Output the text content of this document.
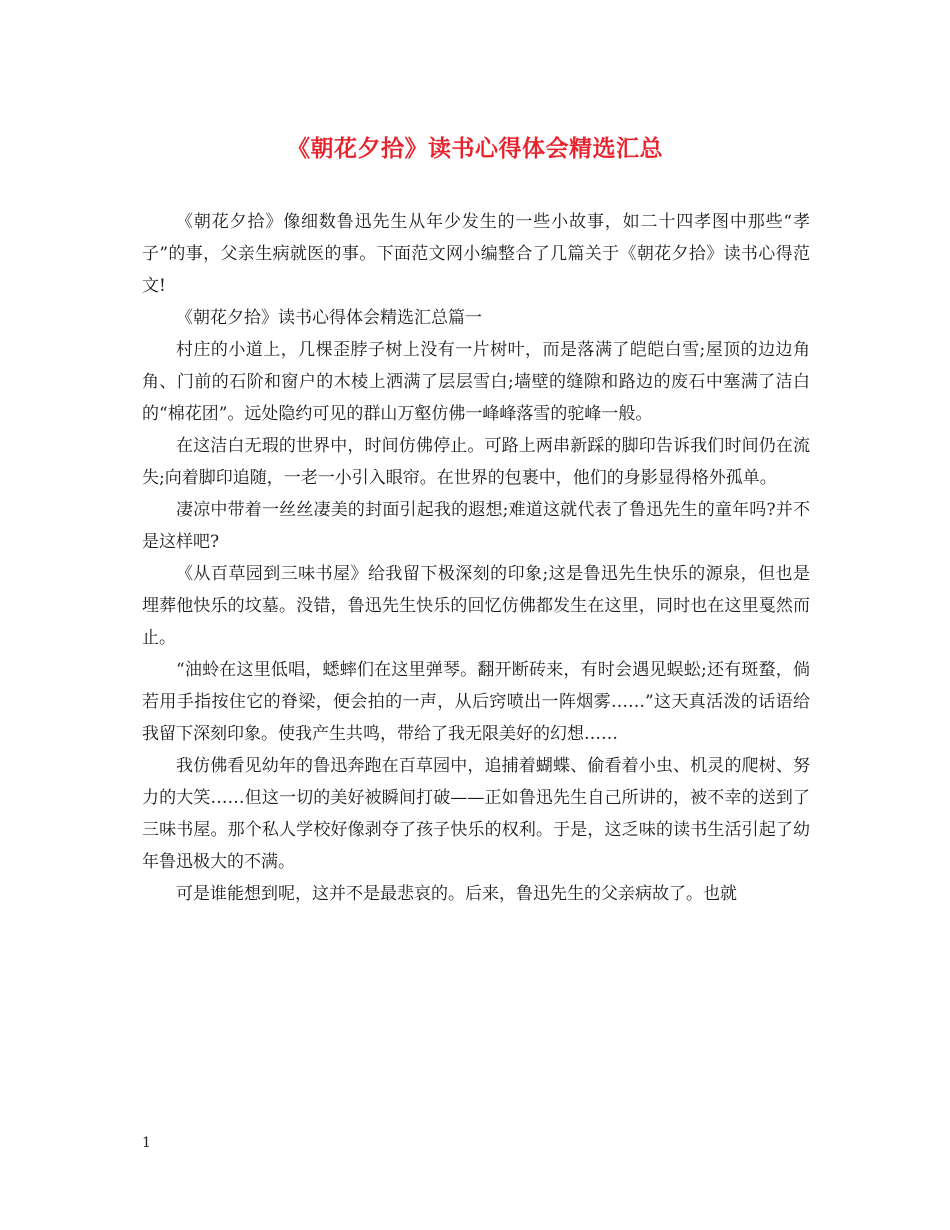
《朝花夕拾》读书心得体会精选汇总

《朝花夕拾》像细数鲁迅先生从年少发生的一些小故事，如二十四孝图中那些“孝子”的事，父亲生病就医的事。下面范文网小编整合了几篇关于《朝花夕拾》读书心得范文!

《朝花夕拾》读书心得体会精选汇总篇一

村庄的小道上，几棵歪脖子树上没有一片树叶，而是落满了皑皑白雪;屋顶的边边角角、门前的石阶和窗户的木棱上洒满了层层雪白;墙壁的缝隙和路边的废石中塞满了洁白的“棉花团”。远处隐约可见的群山万壑仿佛一峰峰落雪的驼峰一般。

在这洁白无瑕的世界中，时间仿佛停止。可路上两串新踩的脚印告诉我们时间仍在流失;向着脚印追随，一老一小引入眼帘。在世界的包裹中，他们的身影显得格外孤单。

凄凉中带着一丝丝凄美的封面引起我的遐想;难道这就代表了鲁迅先生的童年吗?并不是这样吧?

《从百草园到三味书屋》给我留下极深刻的印象;这是鲁迅先生快乐的源泉，但也是埋葬他快乐的坟墓。没错，鲁迅先生快乐的回忆仿佛都发生在这里，同时也在这里戛然而止。

“油蛉在这里低唱，蟋蟀们在这里弹琴。翻开断砖来，有时会遇见蜈蚣;还有斑蝥，倘若用手指按住它的脊梁，便会拍的一声，从后窍喷出一阵烟雾……”这天真活泼的话语给我留下深刻印象。使我产生共鸣，带给了我无限美好的幻想……

我仿佛看见幼年的鲁迅奔跑在百草园中，追捕着蝴蝶、偷看着小虫、机灵的爬树、努力的大笑……但这一切的美好被瞬间打破——正如鲁迅先生自己所讲的，被不幸的送到了三味书屋。那个私人学校好像剥夺了孩子快乐的权利。于是，这乏味的读书生活引起了幼年鲁迅极大的不满。

可是谁能想到呢，这并不是最悲哀的。后来，鲁迅先生的父亲病故了。也就

1
